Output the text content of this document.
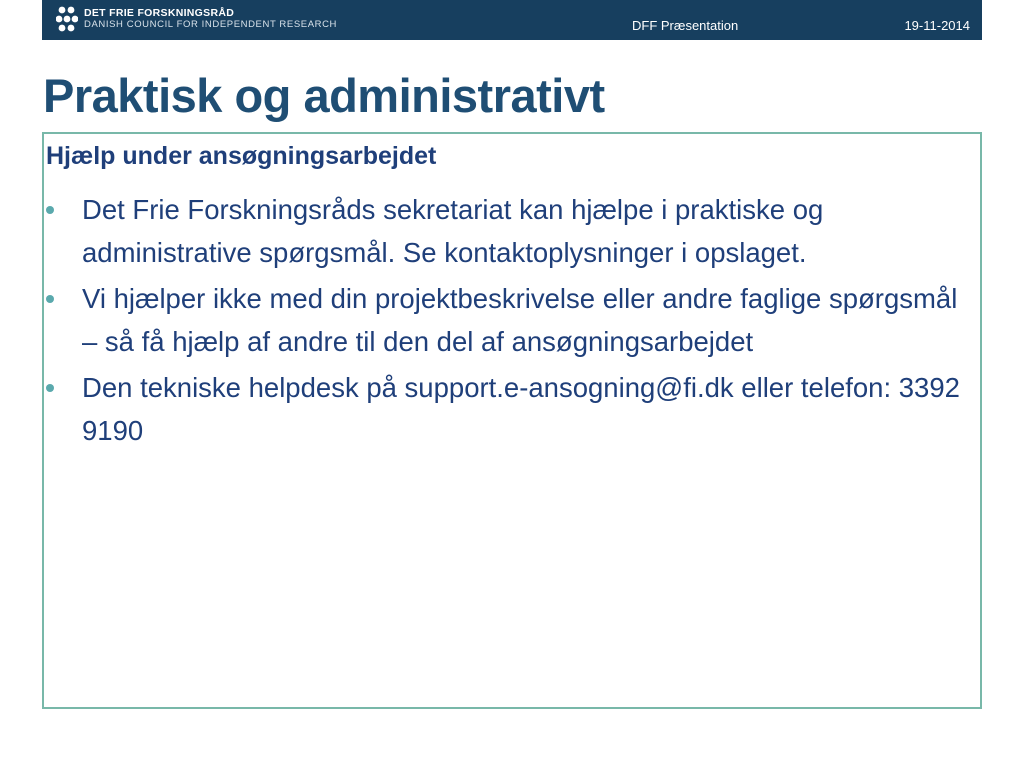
DET FRIE FORSKNINGSRÅD
DANISH COUNCIL FOR INDEPENDENT RESEARCH	DFF Præsentation	19-11-2014
Praktisk og administrativt
Hjælp under ansøgningsarbejdet
Det Frie Forskningsråds sekretariat kan hjælpe i praktiske og administrative spørgsmål. Se kontaktoplysninger i opslaget.
Vi hjælper ikke med din projektbeskrivelse eller andre faglige spørgsmål – så få hjælp af andre til den del af ansøgningsarbejdet
Den tekniske helpdesk på support.e-ansogning@fi.dk eller telefon: 3392 9190
